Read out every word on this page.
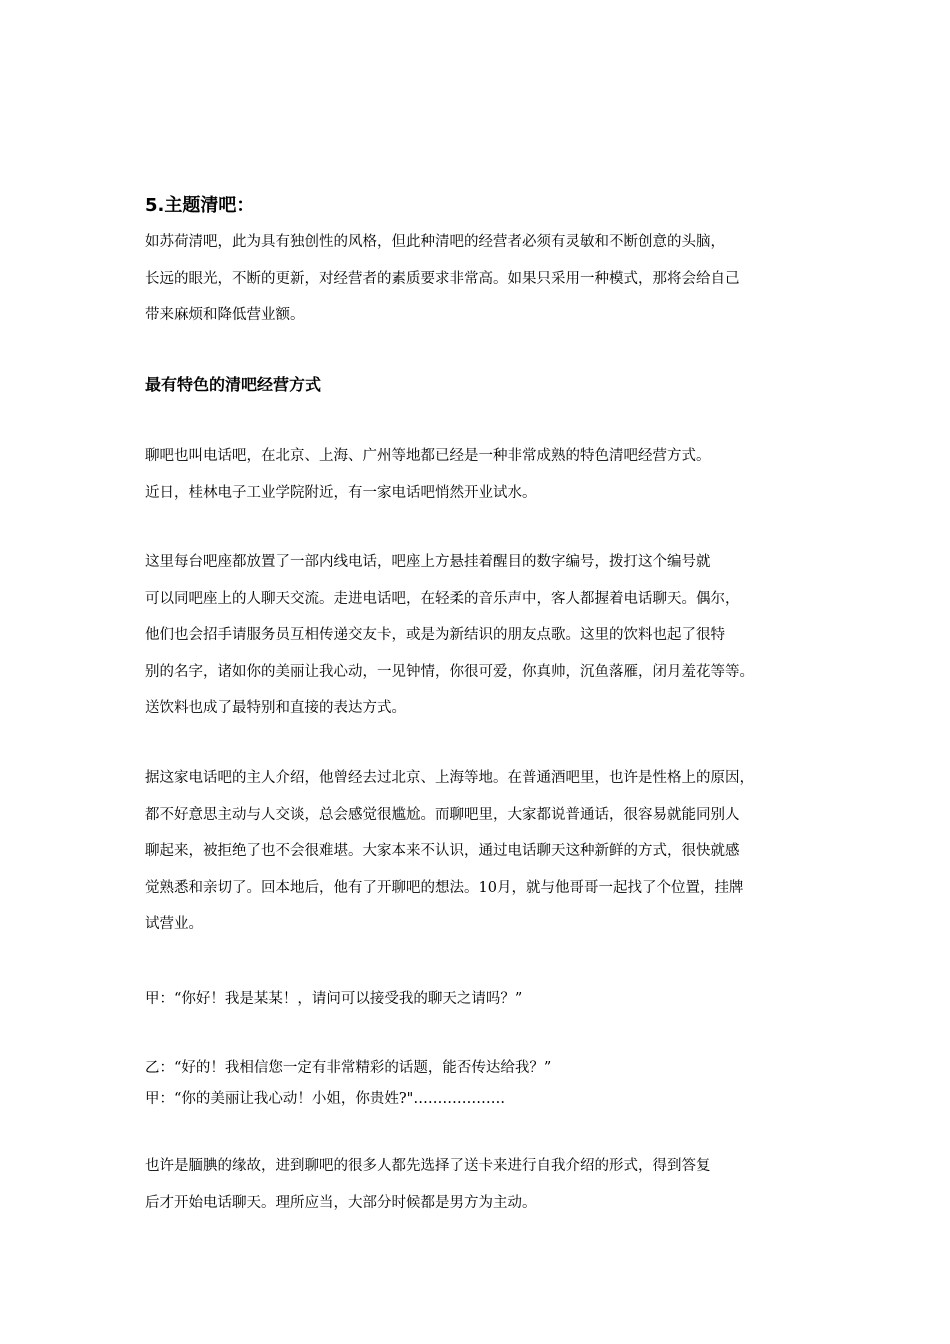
5.主题清吧：
如苏荷清吧，此为具有独创性的风格，但此种清吧的经营者必须有灵敏和不断创意的头脑，
长远的眼光，不断的更新，对经营者的素质要求非常高。如果只采用一种模式，那将会给自己
带来麻烦和降低营业额。
最有特色的清吧经营方式
聊吧也叫电话吧，在北京、上海、广州等地都已经是一种非常成熟的特色清吧经营方式。
近日，桂林电子工业学院附近，有一家电话吧悄然开业试水。
这里每台吧座都放置了一部内线电话，吧座上方悬挂着醒目的数字编号，拨打这个编号就
可以同吧座上的人聊天交流。走进电话吧，在轻柔的音乐声中，客人都握着电话聊天。偶尔，
他们也会招手请服务员互相传递交友卡，或是为新结识的朋友点歌。这里的饮料也起了很特
别的名字，诸如你的美丽让我心动，一见钟情，你很可爱，你真帅，沉鱼落雁，闭月羞花等等。
送饮料也成了最特别和直接的表达方式。
据这家电话吧的主人介绍，他曾经去过北京、上海等地。在普通酒吧里，也许是性格上的原因，
都不好意思主动与人交谈，总会感觉很尴尬。而聊吧里，大家都说普通话，很容易就能同别人
聊起来，被拒绝了也不会很难堪。大家本来不认识，通过电话聊天这种新鲜的方式，很快就感
觉熟悉和亲切了。回本地后，他有了开聊吧的想法。10月，就与他哥哥一起找了个位置，挂牌
试营业。
甲：“你好！我是某某！，请问可以接受我的聊天之请吗？”
乙：“好的！我相信您一定有非常精彩的话题，能否传达给我？”
甲：“你的美丽让我心动！小姐，你贵姓?"……………….
也许是腼腆的缘故，进到聊吧的很多人都先选择了送卡来进行自我介绍的形式，得到答复
后才开始电话聊天。理所应当，大部分时候都是男方为主动。
